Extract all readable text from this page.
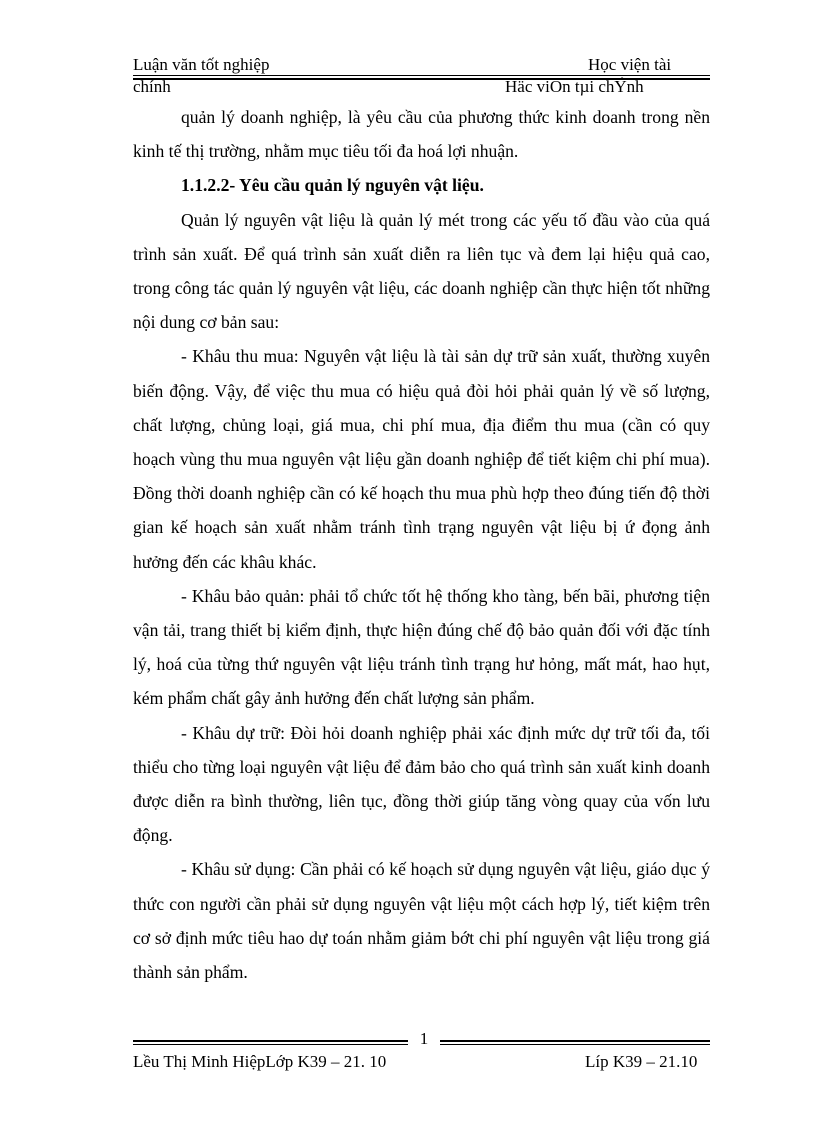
Luận văn tốt nghiệp	Học viện tài
chính	Häc viÖn tµi chÝnh

quản lý doanh nghiệp, là yêu cầu của phương thức kinh doanh trong nền kinh tế thị trường, nhằm mục tiêu tối đa hoá lợi nhuận.

1.1.2.2- Yêu cầu quản lý nguyên vật liệu.

Quản lý nguyên vật liệu là quản lý mét trong các yếu tố đầu vào của quá trình sản xuất. Để quá trình sản xuất diễn ra liên tục và đem lại hiệu quả cao, trong công tác quản lý nguyên vật liệu, các doanh nghiệp cần thực hiện tốt những nội dung cơ bản sau:

- Khâu thu mua: Nguyên vật liệu là tài sản dự trữ sản xuất, thường xuyên biến động. Vậy, để việc thu mua có hiệu quả đòi hỏi phải quản lý về số lượng, chất lượng, chủng loại, giá mua, chi phí mua, địa điểm thu mua (cần có quy hoạch vùng thu mua nguyên vật liệu gần doanh nghiệp để tiết kiệm chi phí mua). Đồng thời doanh nghiệp cần có kế hoạch thu mua phù hợp theo đúng tiến độ thời gian kế hoạch sản xuất nhằm tránh tình trạng nguyên vật liệu bị ứ đọng ảnh hưởng đến các khâu khác.

- Khâu bảo quản: phải tổ chức tốt hệ thống kho tàng, bến bãi, phương tiện vận tải, trang thiết bị kiểm định, thực hiện đúng chế độ bảo quản đối với đặc tính lý, hoá của từng thứ nguyên vật liệu tránh tình trạng hư hỏng, mất mát, hao hụt, kém phẩm chất gây ảnh hưởng đến chất lượng sản phẩm.

- Khâu dự trữ: Đòi hỏi doanh nghiệp phải xác định mức dự trữ tối đa, tối thiểu cho từng loại nguyên vật liệu để đảm bảo cho quá trình sản xuất kinh doanh được diễn ra bình thường, liên tục, đồng thời giúp tăng vòng quay của vốn lưu động.

- Khâu sử dụng: Cần phải có kế hoạch sử dụng nguyên vật liệu, giáo dục ý thức con người cần phải sử dụng nguyên vật liệu một cách hợp lý, tiết kiệm trên cơ sở định mức tiêu hao dự toán nhằm giảm bớt chi phí nguyên vật liệu trong giá thành sản phẩm.

1
Lều Thị Minh HiệpLớp K39 – 21. 10	Líp K39 – 21.10
